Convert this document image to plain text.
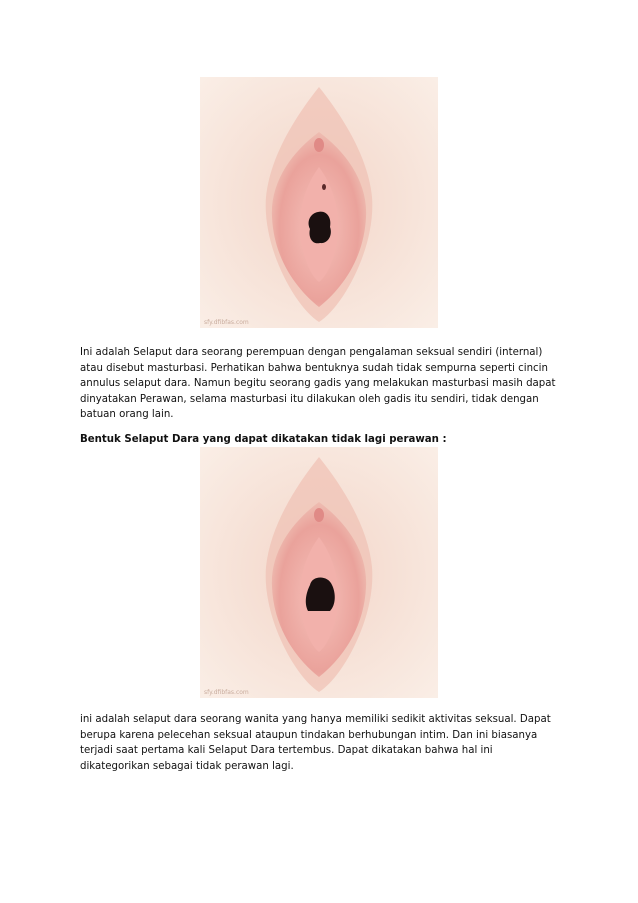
sfy.dfibfas.com

Ini adalah Selaput dara seorang perempuan dengan pengalaman seksual sendiri (internal) atau disebut masturbasi. Perhatikan bahwa bentuknya sudah tidak sempurna seperti cincin annulus selaput dara. Namun begitu seorang gadis yang melakukan masturbasi masih dapat dinyatakan Perawan, selama masturbasi itu dilakukan oleh gadis itu sendiri, tidak dengan batuan orang lain.

Bentuk Selaput Dara yang dapat dikatakan tidak lagi perawan :

sfy.dfibfas.com

ini adalah selaput dara seorang wanita yang hanya memiliki sedikit aktivitas seksual. Dapat berupa karena pelecehan seksual ataupun tindakan berhubungan intim. Dan ini biasanya terjadi saat pertama kali Selaput Dara tertembus. Dapat dikatakan bahwa hal ini dikategorikan sebagai tidak perawan lagi.
